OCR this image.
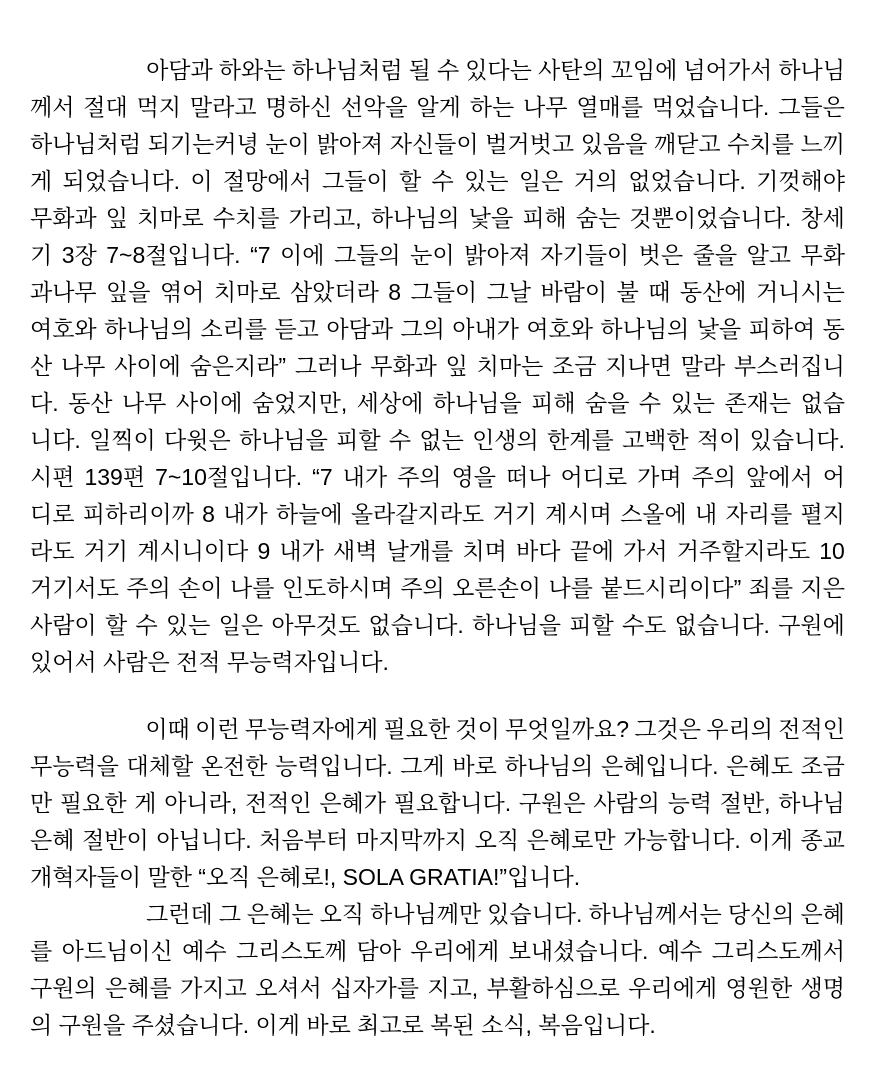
아담과 하와는 하나님처럼 될 수 있다는 사탄의 꼬임에 넘어가서 하나님
께서 절대 먹지 말라고 명하신 선악을 알게 하는 나무 열매를 먹었습니다. 그들은
하나님처럼 되기는커녕 눈이 밝아져 자신들이 벌거벗고 있음을 깨닫고 수치를 느끼
게 되었습니다. 이 절망에서 그들이 할 수 있는 일은 거의 없었습니다. 기껏해야
무화과 잎 치마로 수치를 가리고, 하나님의 낯을 피해 숨는 것뿐이었습니다. 창세
기 3장 7~8절입니다. “7 이에 그들의 눈이 밝아져 자기들이 벗은 줄을 알고 무화
과나무 잎을 엮어 치마로 삼았더라 8 그들이 그날 바람이 불 때 동산에 거니시는
여호와 하나님의 소리를 듣고 아담과 그의 아내가 여호와 하나님의 낯을 피하여 동
산 나무 사이에 숨은지라” 그러나 무화과 잎 치마는 조금 지나면 말라 부스러집니
다. 동산 나무 사이에 숨었지만, 세상에 하나님을 피해 숨을 수 있는 존재는 없습
니다. 일찍이 다윗은 하나님을 피할 수 없는 인생의 한계를 고백한 적이 있습니다.
시편 139편 7~10절입니다. “7 내가 주의 영을 떠나 어디로 가며 주의 앞에서 어
디로 피하리이까 8 내가 하늘에 올라갈지라도 거기 계시며 스올에 내 자리를 펼지
라도 거기 계시니이다 9 내가 새벽 날개를 치며 바다 끝에 가서 거주할지라도 10
거기서도 주의 손이 나를 인도하시며 주의 오른손이 나를 붙드시리이다” 죄를 지은
사람이 할 수 있는 일은 아무것도 없습니다. 하나님을 피할 수도 없습니다. 구원에
있어서 사람은 전적 무능력자입니다.
이때 이런 무능력자에게 필요한 것이 무엇일까요? 그것은 우리의 전적인
무능력을 대체할 온전한 능력입니다. 그게 바로 하나님의 은혜입니다. 은혜도 조금
만 필요한 게 아니라, 전적인 은혜가 필요합니다. 구원은 사람의 능력 절반, 하나님
은혜 절반이 아닙니다. 처음부터 마지막까지 오직 은혜로만 가능합니다. 이게 종교
개혁자들이 말한 “오직 은혜로!, SOLA GRATIA!”입니다.
그런데 그 은혜는 오직 하나님께만 있습니다. 하나님께서는 당신의 은혜
를 아드님이신 예수 그리스도께 담아 우리에게 보내셨습니다. 예수 그리스도께서
구원의 은혜를 가지고 오셔서 십자가를 지고, 부활하심으로 우리에게 영원한 생명
의 구원을 주셨습니다. 이게 바로 최고로 복된 소식, 복음입니다.
